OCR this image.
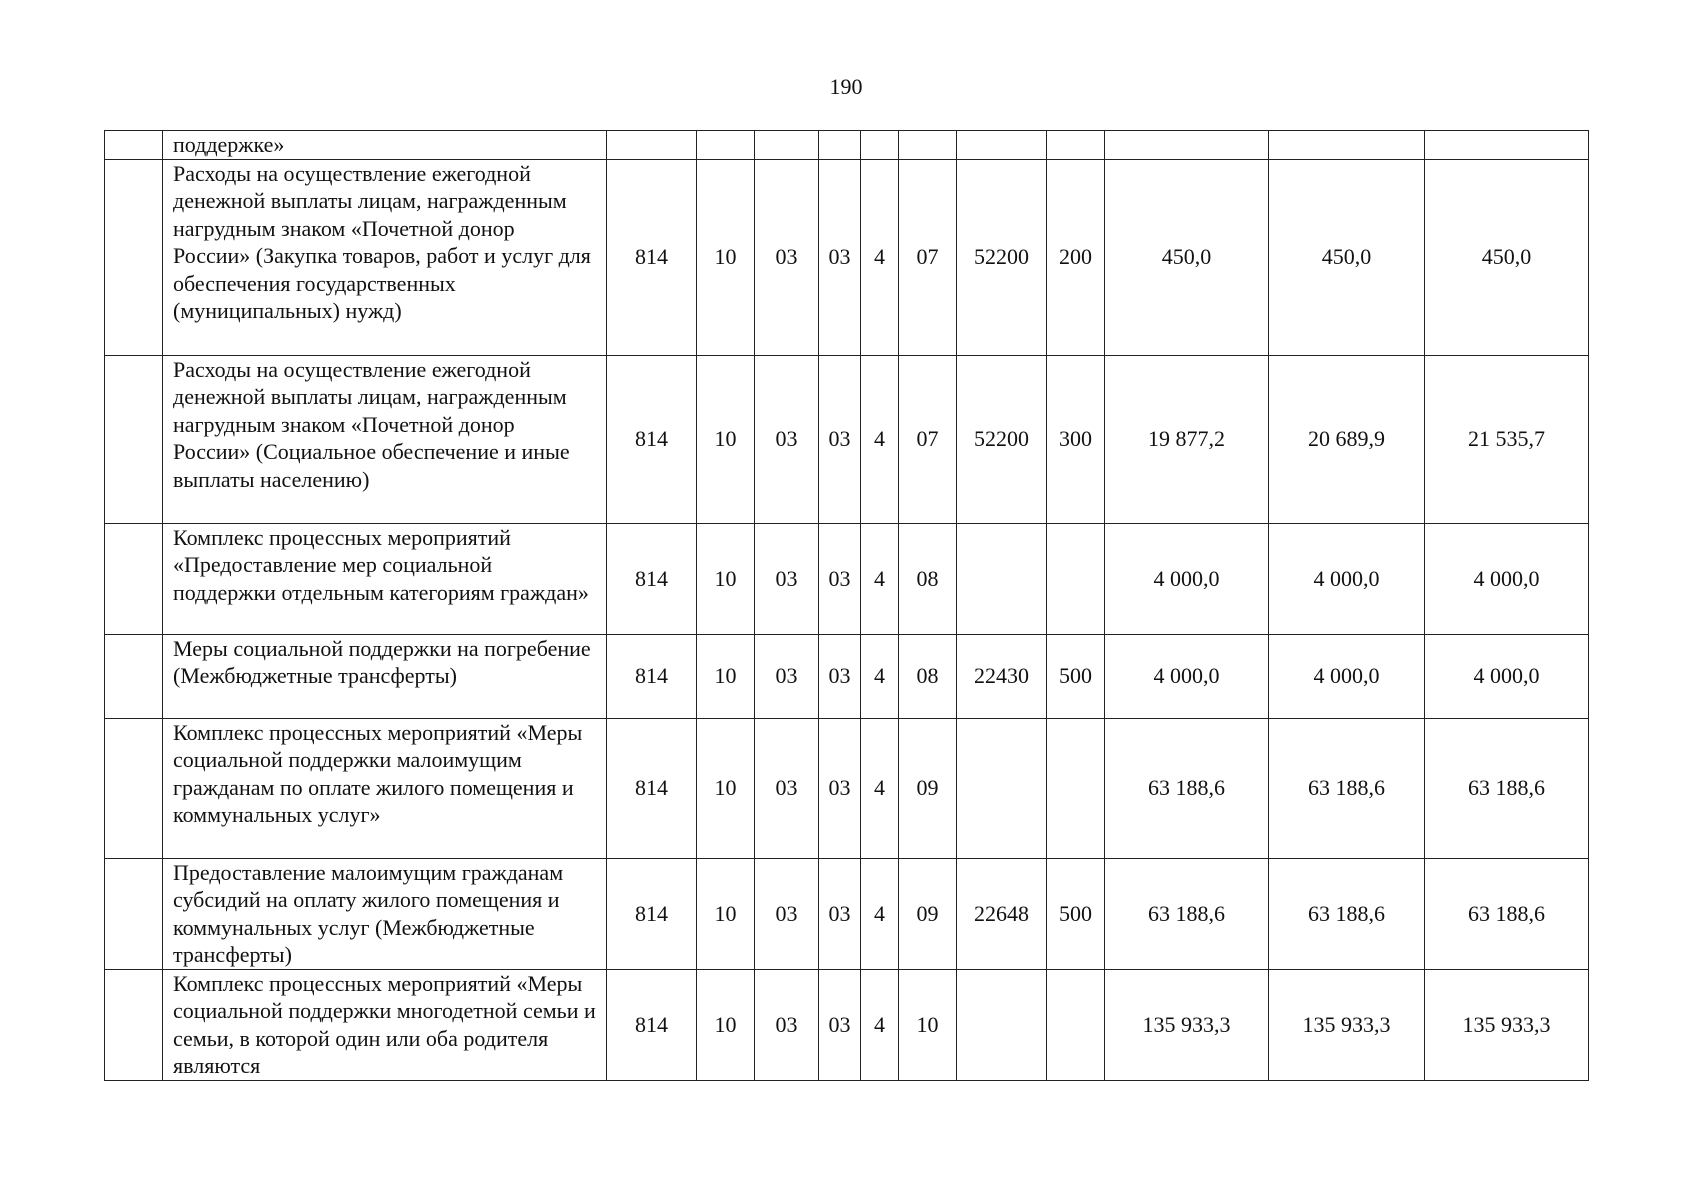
190
	поддержке»											
	Расходы на осуществление ежегодной денежной выплаты лицам, награжденным нагрудным знаком «Почетной донор России» (Закупка товаров, работ и услуг для обеспечения государственных (муниципальных) нужд)	814	10	03	03	4	07	52200	200	450,0	450,0	450,0
	Расходы на осуществление ежегодной денежной выплаты лицам, награжденным нагрудным знаком «Почетной донор России» (Социальное обеспечение и иные выплаты населению)	814	10	03	03	4	07	52200	300	19 877,2	20 689,9	21 535,7
	Комплекс процессных мероприятий «Предоставление мер социальной поддержки отдельным категориям граждан»	814	10	03	03	4	08			4 000,0	4 000,0	4 000,0
	Меры социальной поддержки на погребение (Межбюджетные трансферты)	814	10	03	03	4	08	22430	500	4 000,0	4 000,0	4 000,0
	Комплекс процессных мероприятий «Меры социальной поддержки малоимущим гражданам по оплате жилого помещения и коммунальных услуг»	814	10	03	03	4	09			63 188,6	63 188,6	63 188,6
	Предоставление малоимущим гражданам субсидий на оплату жилого помещения и коммунальных услуг (Межбюджетные трансферты)	814	10	03	03	4	09	22648	500	63 188,6	63 188,6	63 188,6
	Комплекс процессных мероприятий «Меры социальной поддержки многодетной семьи и семьи, в которой один или оба родителя являются	814	10	03	03	4	10			135 933,3	135 933,3	135 933,3
